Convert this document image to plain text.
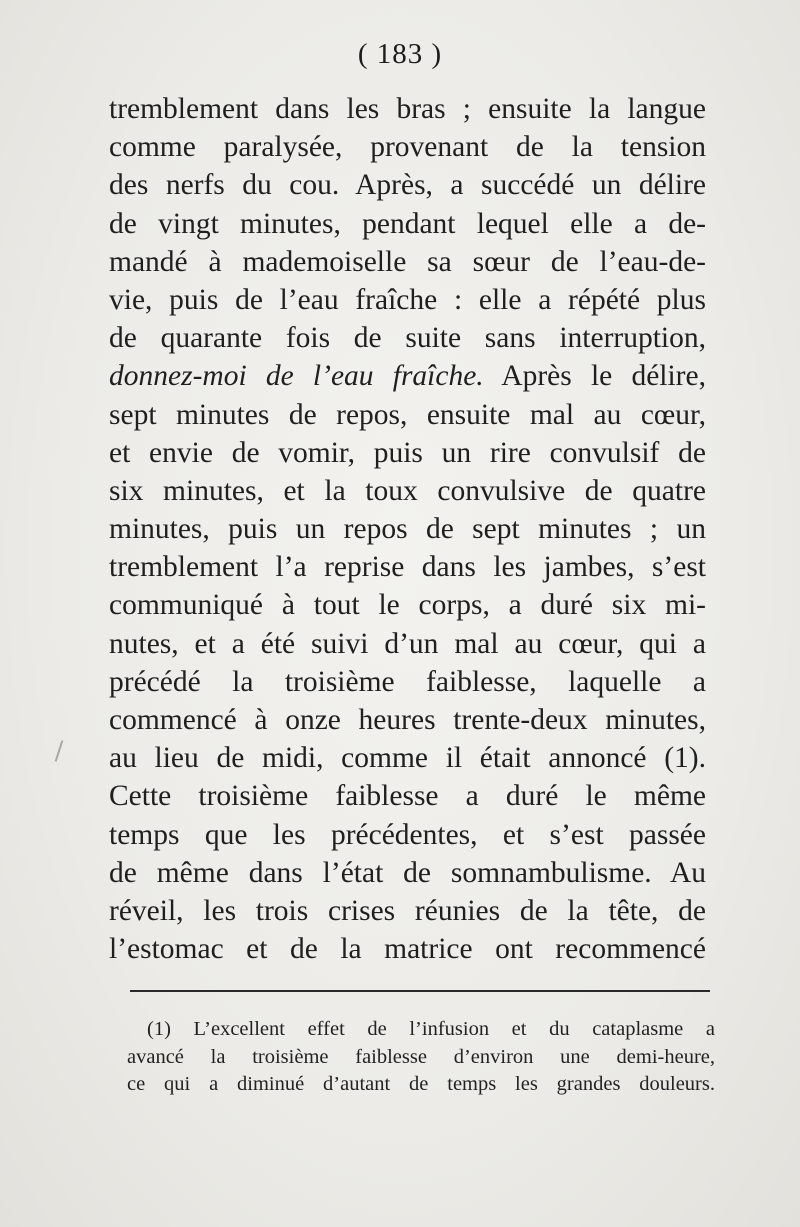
( 183 )
tremblement dans les bras ; ensuite la langue
comme paralysée, provenant de la tension
des nerfs du cou. Après, a succédé un délire
de vingt minutes, pendant lequel elle a de-
mandé à mademoiselle sa sœur de l’eau-de-
vie, puis de l’eau fraîche : elle a répété plus
de quarante fois de suite sans interruption,
donnez-moi de l’eau fraîche. Après le délire,
sept minutes de repos, ensuite mal au cœur,
et envie de vomir, puis un rire convulsif de
six minutes, et la toux convulsive de quatre
minutes, puis un repos de sept minutes ; un
tremblement l’a reprise dans les jambes, s’est
communiqué à tout le corps, a duré six mi-
nutes, et a été suivi d’un mal au cœur, qui a
précédé la troisième faiblesse, laquelle a
commencé à onze heures trente-deux minutes,
au lieu de midi, comme il était annoncé (1).
Cette troisième faiblesse a duré le même
temps que les précédentes, et s’est passée
de même dans l’état de somnambulisme. Au
réveil, les trois crises réunies de la tête, de
l’estomac et de la matrice ont recommencé
(1) L’excellent effet de l’infusion et du cataplasme a
avancé la troisième faiblesse d’environ une demi-heure,
ce qui a diminué d’autant de temps les grandes douleurs.
